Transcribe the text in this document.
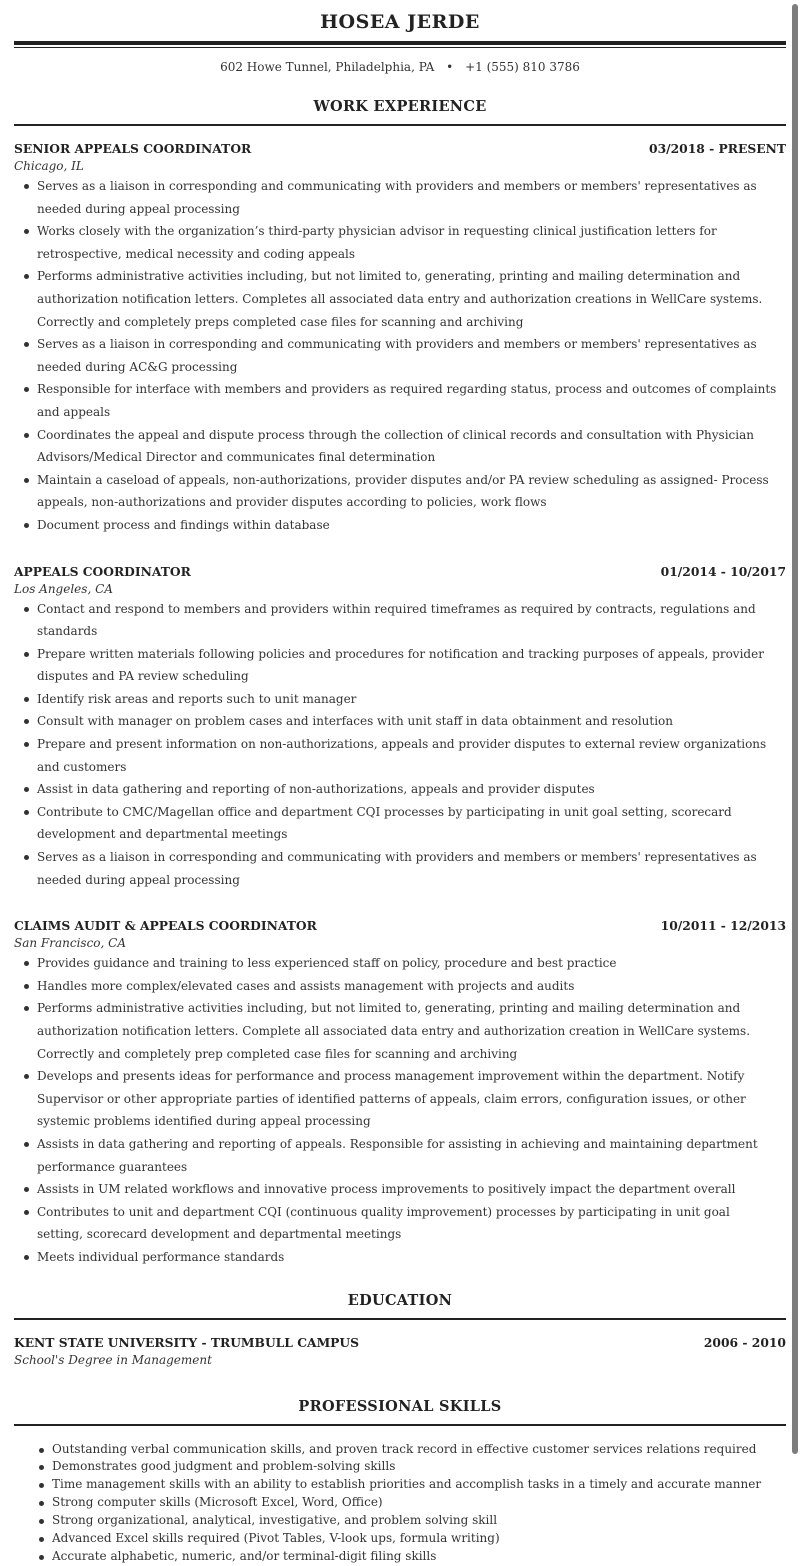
HOSEA JERDE
602 Howe Tunnel, Philadelphia, PA • +1 (555) 810 3786
WORK EXPERIENCE
SENIOR APPEALS COORDINATOR	03/2018 - PRESENT
Chicago, IL
Serves as a liaison in corresponding and communicating with providers and members or members' representatives as needed during appeal processing
Works closely with the organization’s third-party physician advisor in requesting clinical justification letters for retrospective, medical necessity and coding appeals
Performs administrative activities including, but not limited to, generating, printing and mailing determination and authorization notification letters. Completes all associated data entry and authorization creations in WellCare systems. Correctly and completely preps completed case files for scanning and archiving
Serves as a liaison in corresponding and communicating with providers and members or members' representatives as needed during AC&G processing
Responsible for interface with members and providers as required regarding status, process and outcomes of complaints and appeals
Coordinates the appeal and dispute process through the collection of clinical records and consultation with Physician Advisors/Medical Director and communicates final determination
Maintain a caseload of appeals, non-authorizations, provider disputes and/or PA review scheduling as assigned- Process appeals, non-authorizations and provider disputes according to policies, work flows
Document process and findings within database
APPEALS COORDINATOR	01/2014 - 10/2017
Los Angeles, CA
Contact and respond to members and providers within required timeframes as required by contracts, regulations and standards
Prepare written materials following policies and procedures for notification and tracking purposes of appeals, provider disputes and PA review scheduling
Identify risk areas and reports such to unit manager
Consult with manager on problem cases and interfaces with unit staff in data obtainment and resolution
Prepare and present information on non-authorizations, appeals and provider disputes to external review organizations and customers
Assist in data gathering and reporting of non-authorizations, appeals and provider disputes
Contribute to CMC/Magellan office and department CQI processes by participating in unit goal setting, scorecard development and departmental meetings
Serves as a liaison in corresponding and communicating with providers and members or members' representatives as needed during appeal processing
CLAIMS AUDIT & APPEALS COORDINATOR	10/2011 - 12/2013
San Francisco, CA
Provides guidance and training to less experienced staff on policy, procedure and best practice
Handles more complex/elevated cases and assists management with projects and audits
Performs administrative activities including, but not limited to, generating, printing and mailing determination and authorization notification letters. Complete all associated data entry and authorization creation in WellCare systems. Correctly and completely prep completed case files for scanning and archiving
Develops and presents ideas for performance and process management improvement within the department. Notify Supervisor or other appropriate parties of identified patterns of appeals, claim errors, configuration issues, or other systemic problems identified during appeal processing
Assists in data gathering and reporting of appeals. Responsible for assisting in achieving and maintaining department performance guarantees
Assists in UM related workflows and innovative process improvements to positively impact the department overall
Contributes to unit and department CQI (continuous quality improvement) processes by participating in unit goal setting, scorecard development and departmental meetings
Meets individual performance standards
EDUCATION
KENT STATE UNIVERSITY - TRUMBULL CAMPUS	2006 - 2010
School's Degree in Management
PROFESSIONAL SKILLS
Outstanding verbal communication skills, and proven track record in effective customer services relations required
Demonstrates good judgment and problem-solving skills
Time management skills with an ability to establish priorities and accomplish tasks in a timely and accurate manner
Strong computer skills (Microsoft Excel, Word, Office)
Strong organizational, analytical, investigative, and problem solving skill
Advanced Excel skills required (Pivot Tables, V-look ups, formula writing)
Accurate alphabetic, numeric, and/or terminal-digit filing skills
